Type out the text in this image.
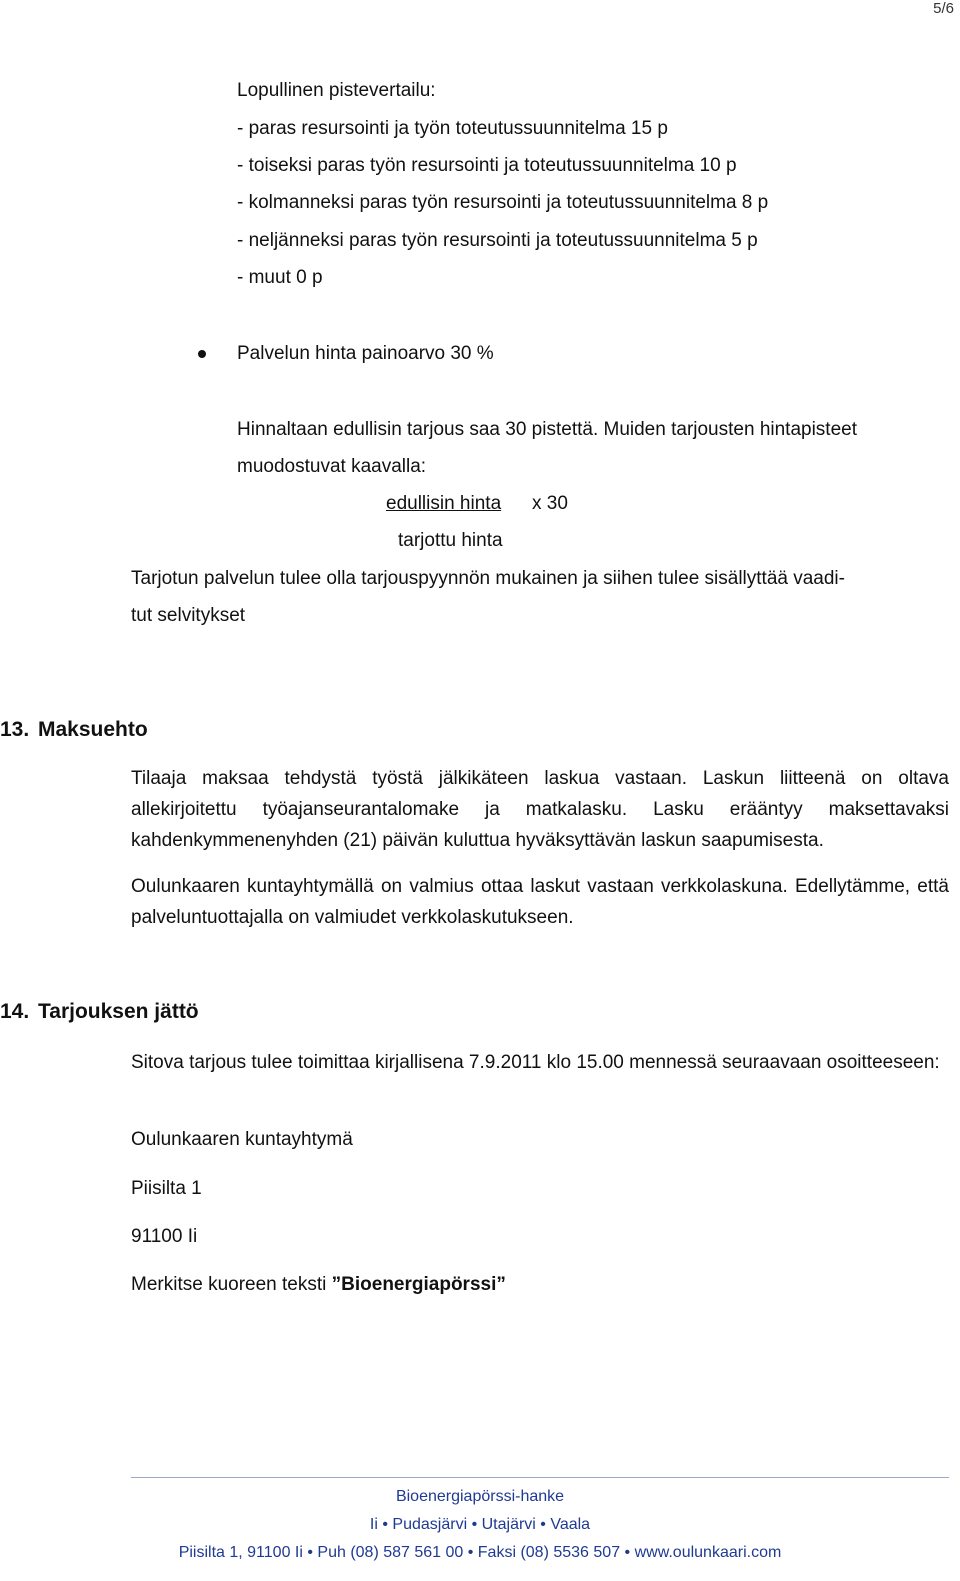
5/6
Lopullinen pistevertailu:
- paras resursointi ja työn toteutussuunnitelma 15 p
- toiseksi paras työn resursointi ja toteutussuunnitelma 10 p
- kolmanneksi paras työn resursointi ja toteutussuunnitelma 8 p
- neljänneksi paras työn resursointi ja toteutussuunnitelma 5 p
- muut 0 p
Palvelun hinta painoarvo 30 %
Hinnaltaan edullisin tarjous saa 30 pistettä. Muiden tarjousten hintapisteet
muodostuvat kaavalla:
edullisin hinta x 30
tarjottu hinta
Tarjotun palvelun tulee olla tarjouspyynnön mukainen ja siihen tulee sisällyttää vaadi-
tut selvitykset
13. Maksuehto

Tilaaja maksaa tehdystä työstä jälkikäteen laskua vastaan. Laskun liitteenä on oltava allekirjoitettu työajanseurantalomake ja matkalasku. Lasku erääntyy maksettavaksi kahdenkymmenenyhden (21) päivän kuluttua hyväksyttävän laskun saapumisesta.

Oulunkaaren kuntayhtymällä on valmius ottaa laskut vastaan verkkolaskuna. Edellytämme, että palveluntuottajalla on valmiudet verkkolaskutukseen.

14. Tarjouksen jättö
Sitova tarjous tulee toimittaa kirjallisena 7.9.2011 klo 15.00 mennessä seuraavaan osoitteeseen:
Oulunkaaren kuntayhtymä
Piisilta 1
91100 Ii
Merkitse kuoreen teksti ”Bioenergiapörssi”
Bioenergiapörssi-hanke
Ii • Pudasjärvi • Utajärvi • Vaala
Piisilta 1, 91100 Ii • Puh (08) 587 561 00 • Faksi (08) 5536 507 • www.oulunkaari.com
